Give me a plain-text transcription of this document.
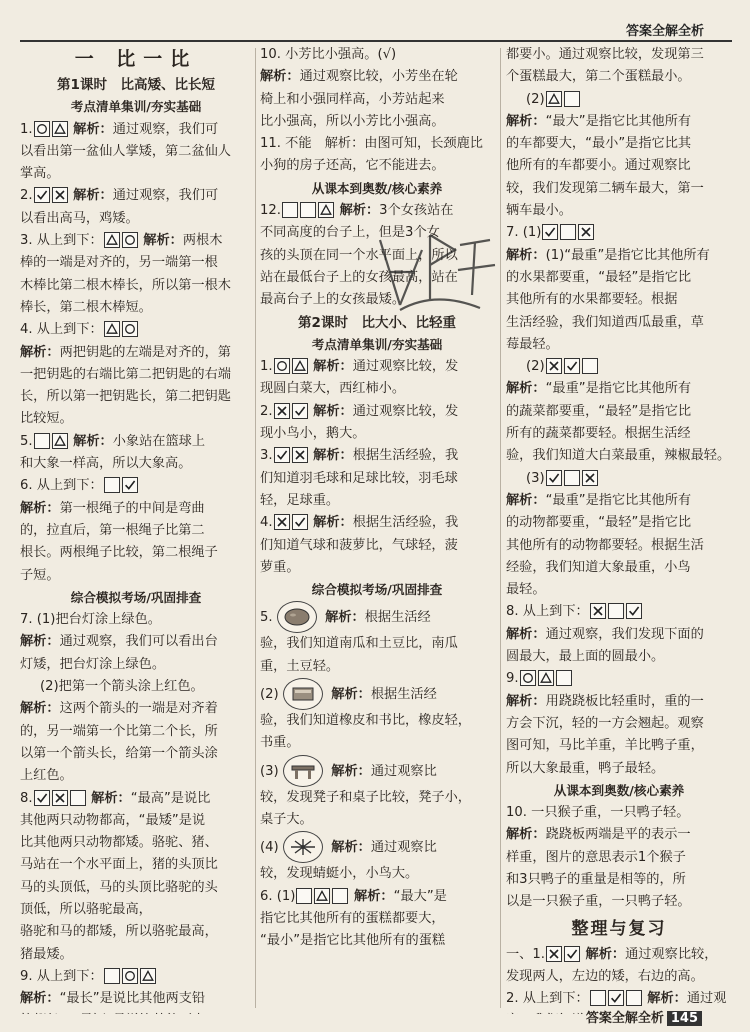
答案全解全析
一 比一比
第1课时　比高矮、比长短
考点清单集训/夯实基础
1.	解析：通过观察，我们可
以看出第一盆仙人掌矮，第二盆仙人
掌高。
2.	解析：通过观察，我们可
以看出高马，鸡矮。
3. 从上到下：	解析：两根木
棒的一端是对齐的，另一端第一根
木棒比第二根木棒长，所以第一根木
棒长，第二根木棒短。
4. 从上到下：
解析：两把钥匙的左端是对齐的，第
一把钥匙的右端比第二把钥匙的右端
长，所以第一把钥匙长，第二把钥匙
比较短。
5.	解析：小象站在篮球上
和大象一样高，所以大象高。
6. 从上到下：
解析：第一根绳子的中间是弯曲
的，拉直后，第一根绳子比第二
根长。两根绳子比较，第二根绳子
子短。
综合模拟考场/巩固排查
7. (1)把台灯涂上绿色。
解析：通过观察，我们可以看出台
灯矮，把台灯涂上绿色。
(2)把第一个箭头涂上红色。
解析：这两个箭头的一端是对齐着
的，另一端第一个比第二个长，所
以第一个箭头长，给第一个箭头涂
上红色。
8.	解析：“最高”是说比
其他两只动物都高，“最矮”是说
比其他两只动物都矮。骆驼、猪、
马站在一个水平面上，猪的头顶比
马的头顶低，马的头顶比骆驼的头
顶低，所以骆驼最高，
骆驼和马的都矮，所以骆驼最高，
猪最矮。
9. 从上到下：
解析：“最长”是说比其他两支铅
10. 小芳比小强高。(√)
解析：通过观察比较，小芳坐在轮
椅上和小强同样高，小芳站起来
比小强高，所以小芳比小强高。
11. 不能　解析：由图可知，长颈鹿比
小狗的房子还高，它不能进去。
从课本到奥数/核心素养
12.	解析：3个女孩站在
不同高度的台子上，但是3个女
孩的头顶在同一个水平面上，所以
站在最低台子上的女孩最高，站在
最高台子上的女孩最矮。
第2课时　比大小、比轻重
考点清单集训/夯实基础
1.	解析：通过观察比较，发
现圆白菜大，西红柿小。
2.	解析：通过观察比较，发
现小鸟小，鹅大。
3.	解析：根据生活经验，我
们知道羽毛球和足球比较，羽毛球
轻，足球重。
4.	解析：根据生活经验，我
们知道气球和菠萝比，气球轻，菠
萝重。
综合模拟考场/巩固排查
5.	解析：根据生活经
验，我们知道南瓜和土豆比，南瓜
重，土豆轻。
(2)	解析：根据生活经
验，我们知道橡皮和书比，橡皮轻，
书重。
(3)	解析：通过观察比
较，发现凳子和桌子比较，凳子小，
桌子大。
(4)	解析：通过观察比
较，发现蜻蜓小，小鸟大。
6. (1)	解析：“最大”是
指它比其他所有的蛋糕都要大，
“最小”是指它比其他所有的蛋糕
都要小。通过观察比较，发现第三
个蛋糕最大，第二个蛋糕最小。
(2)
解析：“最大”是指它比其他所有
的车都要大，“最小”是指它比其
他所有的车都要小。通过观察比
较，我们发现第二辆车最大，第一
辆车最小。
7. (1)
解析：(1)“最重”是指它比其他所有
的水果都要重，“最轻”是指它比
其他所有的水果都要轻。根据
生活经验，我们知道西瓜最重，草
莓最轻。
(2)
解析：“最重”是指它比其他所有
的蔬菜都要重，“最轻”是指它比
所有的蔬菜都要轻。根据生活经
验，我们知道大白菜最重，辣椒最轻。
(3)
解析：“最重”是指它比其他所有
的动物都要重，“最轻”是指它比
其他所有的动物都要轻。根据生活
经验，我们知道大象最重，小鸟
最轻。
8. 从上到下：
解析：通过观察，我们发现下面的
圆最大，最上面的圆最小。
9.
解析：用跷跷板比轻重时，重的一
方会下沉，轻的一方会翘起。观察
图可知，马比羊重，羊比鸭子重，
所以大象最重，鸭子最轻。
从课本到奥数/核心素养
10. 一只猴子重，一只鸭子轻。
解析：跷跷板两端是平的表示一
样重，图片的意思表示1个猴子
和3只鸭子的重量是相等的，所
以是一只猴子重，一只鸭子轻。
整理与复习
一、1.	解析：通过观察比较，
发现两人，左边的矮，右边的高。
2. 从上到下：	解析：通过观
答案全解全析 145
